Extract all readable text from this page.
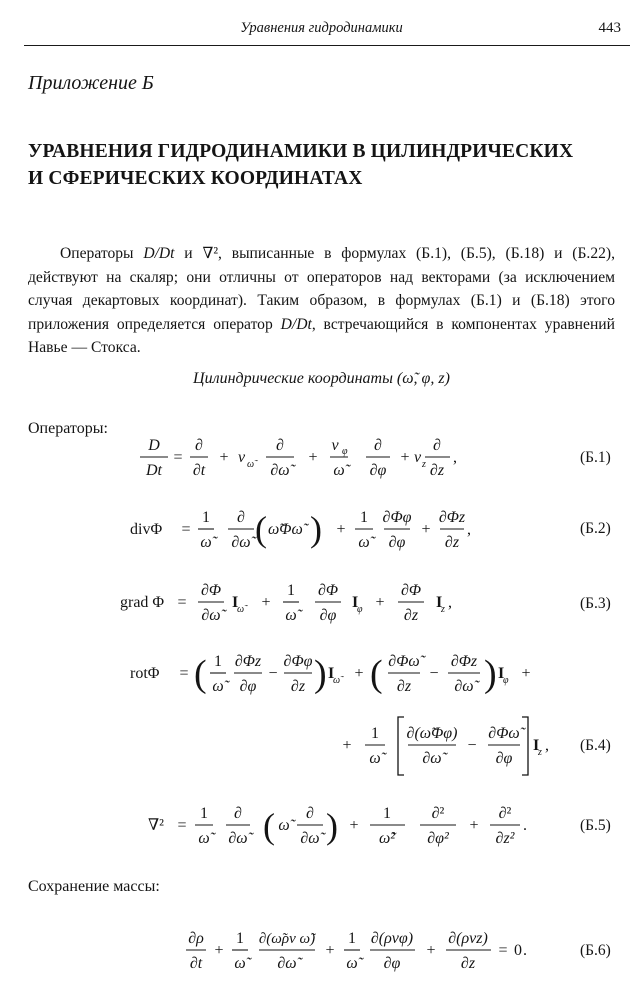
Уравнения гидродинамики	443
Приложение Б
УРАВНЕНИЯ ГИДРОДИНАМИКИ В ЦИЛИНДРИЧЕСКИХ
И СФЕРИЧЕСКИХ КООРДИНАТАХ
Операторы D/Dt и ∇², выписанные в формулах (Б.1), (Б.5), (Б.18) и (Б.22), действуют на скаляр; они отличны от операторов над векторами (за исключением случая декартовых координат). Таким образом, в формулах (Б.1) и (Б.18) этого приложения определяется оператор D/Dt, встречающийся в компонентах уравнений Навье — Стокса.
Цилиндрические координаты (ω̃, φ, z)
Операторы:
Сохранение массы:
(Б.1)
(Б.2)
(Б.3)
(Б.4)
(Б.5)
(Б.6)
D
Dt
=
∂
∂t
+ v ω̃
∂
∂ω̃
+
v φ
ω̃
∂
∂φ
+ v z
∂
∂z
,
divΦ =
1
ω̃
∂
∂ω̃ ( ω̃Φω̃ ) +
1
ω̃
∂Φφ
∂φ
+
∂Φz
∂z
,
grad Φ =
∂Φ
∂ω̃
I
ω̃ +
1
ω̃
∂Φ
∂φ
I
φ +
∂Φ
∂z
I
z ,
rotΦ = ( 1
ω̃
∂Φz
∂φ
−
∂Φφ
∂z ) I
ω̃ + ( ∂Φω̃
∂z
−
∂Φz
∂ω̃ ) I
φ +
+
1
ω̃
∂(ω̃Φφ)
∂ω̃
−
∂Φω̃
∂φ
I
z ,
∇² =
1
ω̃
∂
∂ω̃ ( ω̃
∂
∂ω̃ ) +
1
ω̃²
∂²
∂φ²
+
∂²
∂z²
.
∂ρ
∂t
+
1
ω̃
∂(ω̃ρv ω̃)
∂ω̃
+
1
ω̃
∂(ρvφ)
∂φ
+
∂(ρvz)
∂z
= 0 .
